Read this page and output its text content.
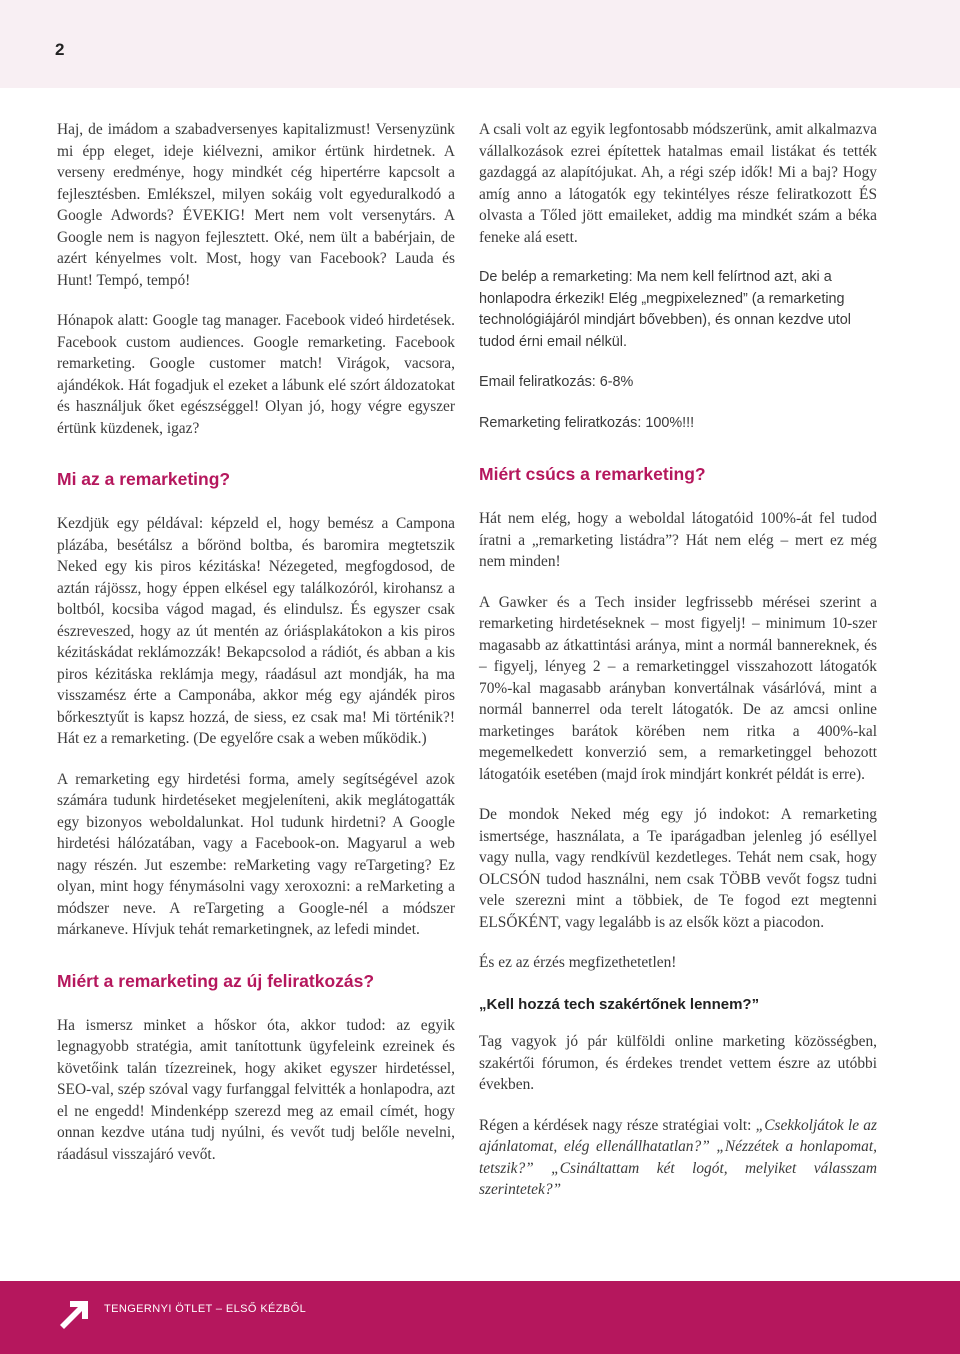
2

Haj, de imádom a szabadversenyes kapitalizmust! Versenyzünk mi épp eleget, ideje kiélvezni, amikor értünk hirdetnek. A verseny eredménye, hogy mindkét cég hipertérre kapcsolt a fejlesztésben. Emlékszel, milyen sokáig volt egyeduralkodó a Google Adwords? ÉVEKIG! Mert nem volt versenytárs. A Google nem is nagyon fejlesztett. Oké, nem ült a babérjain, de azért kényelmes volt. Most, hogy van Facebook? Lauda és Hunt! Tempó, tempó!

Hónapok alatt: Google tag manager. Facebook videó hirdetések. Facebook custom audiences. Google remarketing. Facebook remarketing. Google customer match! Virágok, vacsora, ajándékok. Hát fogadjuk el ezeket a lábunk elé szórt áldozatokat és használjuk őket egészséggel! Olyan jó, hogy végre egyszer értünk küzdenek, igaz?

Mi az a remarketing?

Kezdjük egy példával: képzeld el, hogy bemész a Campona plázába, besétálsz a bőrönd boltba, és baromira megtetszik Neked egy kis piros kézitáska! Nézegeted, megfogdosod, de aztán rájössz, hogy éppen elkésel egy találkozóról, kirohansz a boltból, kocsiba vágod magad, és elindulsz. És egyszer csak észreveszed, hogy az út mentén az óriásplakátokon a kis piros kézitáskádat reklámozzák! Bekapcsolod a rádiót, és abban a kis piros kézitáska reklámja megy, ráadásul azt mondják, ha ma visszamész érte a Camponába, akkor még egy ajándék piros bőrkesztyűt is kapsz hozzá, de siess, ez csak ma! Mi történik?! Hát ez a remarketing. (De egyelőre csak a weben működik.)

A remarketing egy hirdetési forma, amely segítségével azok számára tudunk hirdetéseket megjeleníteni, akik meglátogatták egy bizonyos weboldalunkat. Hol tudunk hirdetni? A Google hirdetési hálózatában, vagy a Facebook-on. Magyarul a web nagy részén. Jut eszembe: reMarketing vagy reTargeting? Ez olyan, mint hogy fénymásolni vagy xeroxozni: a reMarketing a módszer neve. A reTargeting a Google-nél a módszer márkaneve. Hívjuk tehát remarketingnek, az lefedi mindet.

Miért a remarketing az új feliratkozás?

Ha ismersz minket a hőskor óta, akkor tudod: az egyik legnagyobb stratégia, amit tanítottunk ügyfeleink ezreinek és követőink talán tízezreinek, hogy akiket egyszer hirdetéssel, SEO-val, szép szóval vagy furfanggal felvitték a honlapodra, azt el ne engedd! Mindenképp szerezd meg az email címét, hogy onnan kezdve utána tudj nyúlni, és vevőt tudj belőle nevelni, ráadásul visszajáró vevőt.

A csali volt az egyik legfontosabb módszerünk, amit alkalmazva vállalkozások ezrei építettek hatalmas email listákat és tették gazdaggá az alapítójukat. Ah, a régi szép idők! Mi a baj? Hogy amíg anno a látogatók egy tekintélyes része feliratkozott ÉS olvasta a Tőled jött emaileket, addig ma mindkét szám a béka feneke alá esett.

De belép a remarketing: Ma nem kell felírtnod azt, aki a honlapodra érkezik! Elég „megpixelezned” (a remarketing technológiájáról mindjárt bővebben), és onnan kezdve utol tudod érni email nélkül.

Email feliratkozás: 6-8%

Remarketing feliratkozás: 100%!!!

Miért csúcs a remarketing?

Hát nem elég, hogy a weboldal látogatóid 100%-át fel tudod íratni a „remarketing listádra”? Hát nem elég – mert ez még nem minden!

A Gawker és a Tech insider legfrissebb mérései szerint a remarketing hirdetéseknek – most figyelj! – minimum 10-szer magasabb az átkattintási aránya, mint a normál bannereknek, és – figyelj, lényeg 2 – a remarketinggel visszahozott látogatók 70%-kal magasabb arányban konvertálnak vásárlóvá, mint a normál bannerrel oda terelt látogatók. De az amcsi online marketinges barátok körében nem ritka a 400%-kal megemelkedett konverzió sem, a remarketinggel behozott látogatóik esetében (majd írok mindjárt konkrét példát is erre).

De mondok Neked még egy jó indokot: A remarketing ismertsége, használata, a Te iparágadban jelenleg jó eséllyel vagy nulla, vagy rendkívül kezdetleges. Tehát nem csak, hogy OLCSÓN tudod használni, nem csak TÖBB vevőt fogsz tudni vele szerezni mint a többiek, de Te fogod ezt megtenni ELSŐKÉNT, vagy legalább is az elsők közt a piacodon.

És ez az érzés megfizethetetlen!

„Kell hozzá tech szakértőnek lennem?”

Tag vagyok jó pár külföldi online marketing közösségben, szakértői fórumon, és érdekes trendet vettem észre az utóbbi években.

Régen a kérdések nagy része stratégiai volt: „Csekkoljátok le az ajánlatomat, elég ellenállhatatlan?” „Nézzétek a honlapomat, tetszik?” „Csináltattam két logót, melyiket válasszam szerintetek?”

TENGERNYI ÖTLET – ELSŐ KÉZBŐL
